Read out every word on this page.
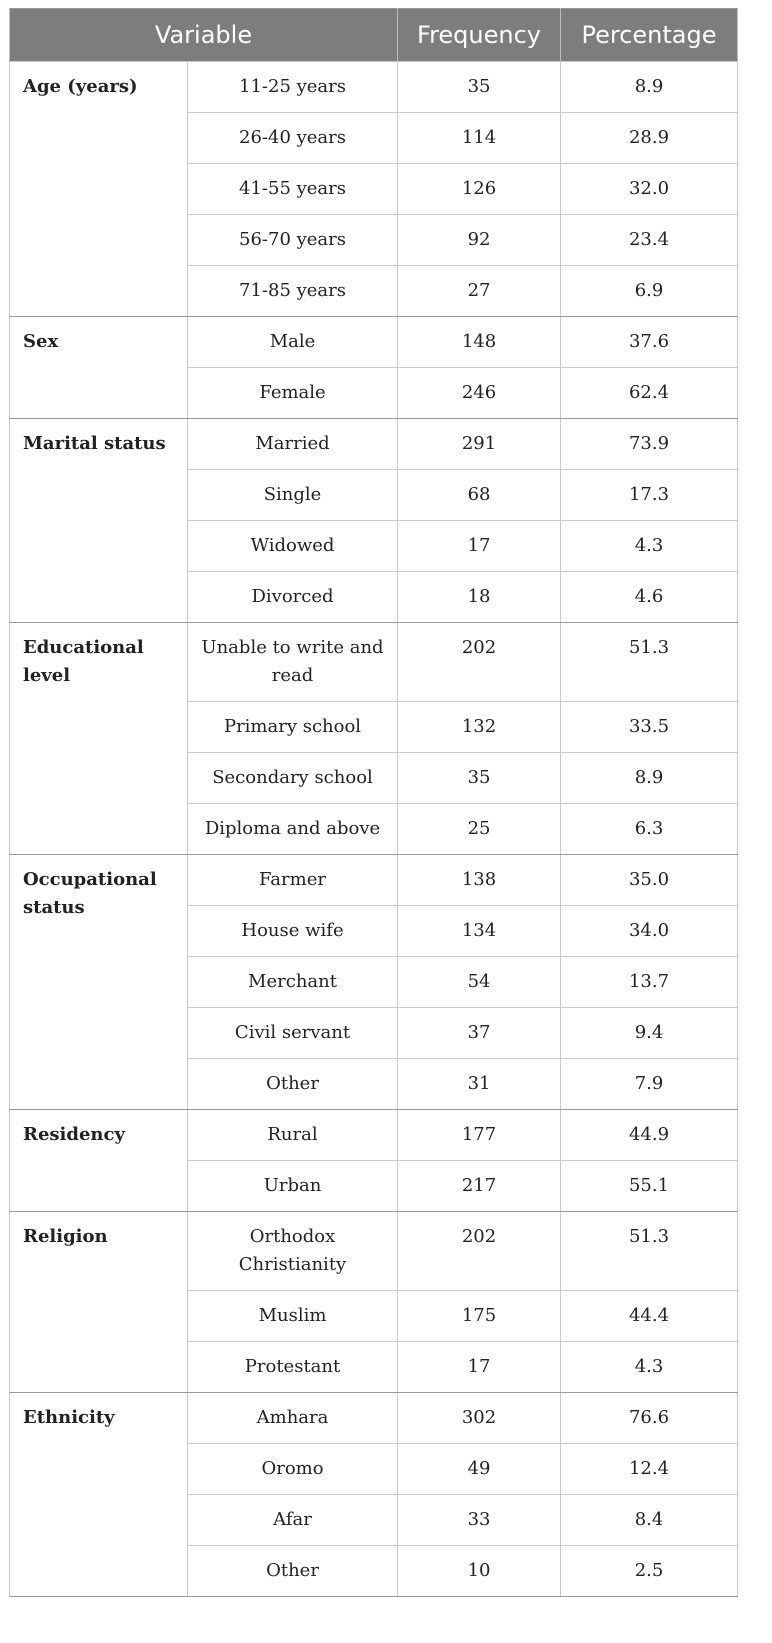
Variable		Frequency	Percentage
Age (years)	11-25 years	35	8.9
	26-40 years	114	28.9
	41-55 years	126	32.0
	56-70 years	92	23.4
	71-85 years	27	6.9
Sex	Male	148	37.6
	Female	246	62.4
Marital status	Married	291	73.9
	Single	68	17.3
	Widowed	17	4.3
	Divorced	18	4.6
Educational level	Unable to write and read	202	51.3
	Primary school	132	33.5
	Secondary school	35	8.9
	Diploma and above	25	6.3
Occupational status	Farmer	138	35.0
	House wife	134	34.0
	Merchant	54	13.7
	Civil servant	37	9.4
	Other	31	7.9
Residency	Rural	177	44.9
	Urban	217	55.1
Religion	Orthodox Christianity	202	51.3
	Muslim	175	44.4
	Protestant	17	4.3
Ethnicity	Amhara	302	76.6
	Oromo	49	12.4
	Afar	33	8.4
	Other	10	2.5
